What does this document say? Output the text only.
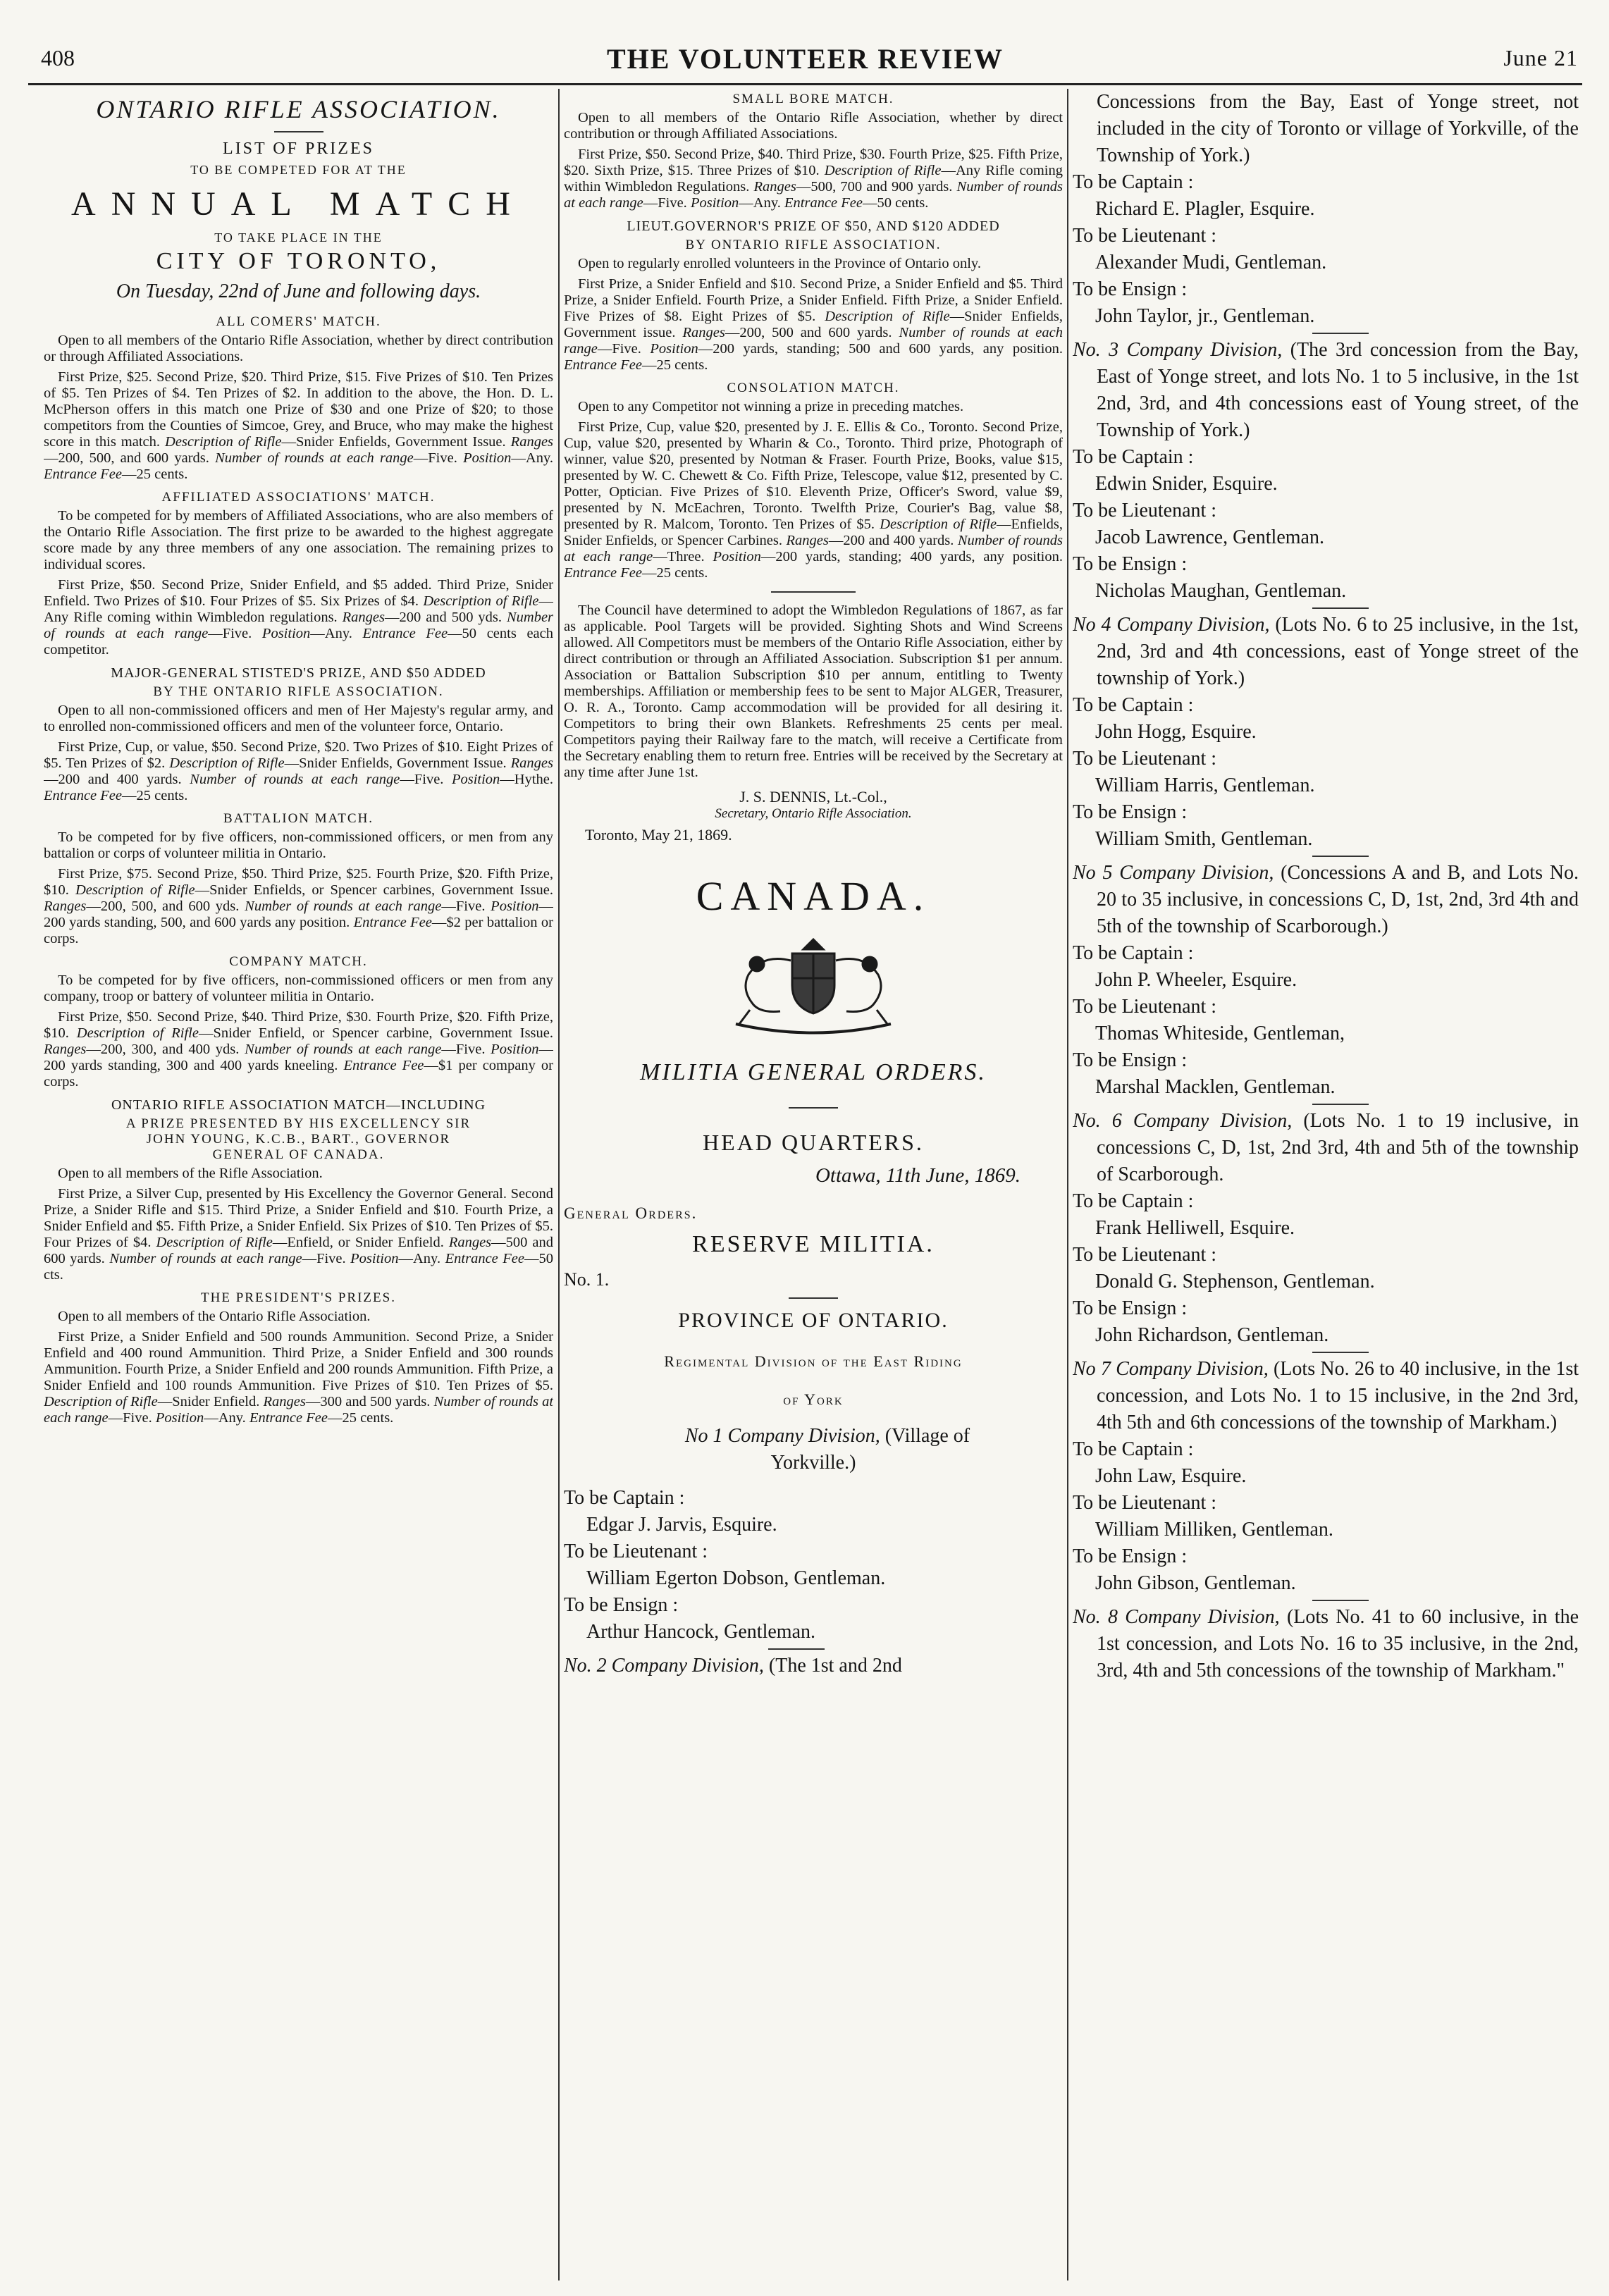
408	THE VOLUNTEER REVIEW	June 21
ONTARIO RIFLE ASSOCIATION.
LIST OF PRIZES
TO BE COMPETED FOR AT THE
ANNUAL MATCH
TO TAKE PLACE IN THE
CITY OF TORONTO,
On Tuesday, 22nd of June and following days.
ALL COMERS' MATCH.
Open to all members of the Ontario Rifle Association, whether by direct contribution or through Affiliated Associations.
First Prize, $25. Second Prize, $20. Third Prize, $15. Five Prizes of $10. Ten Prizes of $5. Ten Prizes of $4. Ten Prizes of $2. In addition to the above, the Hon. D. L. McPherson offers in this match one Prize of $30 and one Prize of $20; to those competitors from the Counties of Simcoe, Grey, and Bruce, who may make the highest score in this match. Description of Rifle—Snider Enfields, Government Issue. Ranges—200, 500, and 600 yards. Number of rounds at each range—Five. Position—Any. Entrance Fee—25 cents.
AFFILIATED ASSOCIATIONS' MATCH.
To be competed for by members of Affiliated Associations, who are also members of the Ontario Rifle Association. The first prize to be awarded to the highest aggregate score made by any three members of any one association. The remaining prizes to individual scores.
First Prize, $50. Second Prize, Snider Enfield, and $5 added. Third Prize, Snider Enfield. Two Prizes of $10. Four Prizes of $5. Six Prizes of $4. Description of Rifle—Any Rifle coming within Wimbledon regulations. Ranges—200 and 500 yds. Number of rounds at each range—Five. Position—Any. Entrance Fee—50 cents each competitor.
MAJOR-GENERAL STISTED'S PRIZE, AND $50 ADDED
BY THE ONTARIO RIFLE ASSOCIATION.
Open to all non-commissioned officers and men of Her Majesty's regular army, and to enrolled non-commissioned officers and men of the volunteer force, Ontario.
First Prize, Cup, or value, $50. Second Prize, $20. Two Prizes of $10. Eight Prizes of $5. Ten Prizes of $2. Description of Rifle—Snider Enfields, Government Issue. Ranges—200 and 400 yards. Number of rounds at each range—Five. Position—Hythe. Entrance Fee—25 cents.
BATTALION MATCH.
To be competed for by five officers, non-commissioned officers, or men from any battalion or corps of volunteer militia in Ontario.
First Prize, $75. Second Prize, $50. Third Prize, $25. Fourth Prize, $20. Fifth Prize, $10. Description of Rifle—Snider Enfields, or Spencer carbines, Government Issue. Ranges—200, 500, and 600 yds. Number of rounds at each range—Five. Position—200 yards standing, 500, and 600 yards any position. Entrance Fee—$2 per battalion or corps.
COMPANY MATCH.
To be competed for by five officers, non-commissioned officers or men from any company, troop or battery of volunteer militia in Ontario.
First Prize, $50. Second Prize, $40. Third Prize, $30. Fourth Prize, $20. Fifth Prize, $10. Description of Rifle—Snider Enfield, or Spencer carbine, Government Issue. Ranges—200, 300, and 400 yds. Number of rounds at each range—Five. Position—200 yards standing, 300 and 400 yards kneeling. Entrance Fee—$1 per company or corps.
ONTARIO RIFLE ASSOCIATION MATCH—INCLUDING
A PRIZE PRESENTED BY HIS EXCELLENCY SIR
JOHN YOUNG, K.C.B., BART., GOVERNOR
GENERAL OF CANADA.
Open to all members of the Rifle Association.
First Prize, a Silver Cup, presented by His Excellency the Governor General. Second Prize, a Snider Rifle and $15. Third Prize, a Snider Enfield and $10. Fourth Prize, a Snider Enfield and $5. Fifth Prize, a Snider Enfield. Six Prizes of $10. Ten Prizes of $5. Four Prizes of $4. Description of Rifle—Enfield, or Snider Enfield. Ranges—500 and 600 yards. Number of rounds at each range—Five. Position—Any. Entrance Fee—50 cts.
THE PRESIDENT'S PRIZES.
Open to all members of the Ontario Rifle Association.
First Prize, a Snider Enfield and 500 rounds Ammunition. Second Prize, a Snider Enfield and 400 round Ammunition. Third Prize, a Snider Enfield and 300 rounds Ammunition. Fourth Prize, a Snider Enfield and 200 rounds Ammunition. Fifth Prize, a Snider Enfield and 100 rounds Ammunition. Five Prizes of $10. Ten Prizes of $5. Description of Rifle—Snider Enfield. Ranges—300 and 500 yards. Number of rounds at each range—Five. Position—Any. Entrance Fee—25 cents.
SMALL BORE MATCH.
Open to all members of the Ontario Rifle Association, whether by direct contribution or through Affiliated Associations.
First Prize, $50. Second Prize, $40. Third Prize, $30. Fourth Prize, $25. Fifth Prize, $20. Sixth Prize, $15. Three Prizes of $10. Description of Rifle—Any Rifle coming within Wimbledon Regulations. Ranges—500, 700 and 900 yards. Number of rounds at each range—Five. Position—Any. Entrance Fee—50 cents.
LIEUT.GOVERNOR'S PRIZE OF $50, AND $120 ADDED
BY ONTARIO RIFLE ASSOCIATION.
Open to regularly enrolled volunteers in the Province of Ontario only.
First Prize, a Snider Enfield and $10. Second Prize, a Snider Enfield and $5. Third Prize, a Snider Enfield. Fourth Prize, a Snider Enfield. Fifth Prize, a Snider Enfield. Five Prizes of $8. Eight Prizes of $5. Description of Rifle—Snider Enfields, Government issue. Ranges—200, 500 and 600 yards. Number of rounds at each range—Five. Position—200 yards, standing; 500 and 600 yards, any position. Entrance Fee—25 cents.
CONSOLATION MATCH.
Open to any Competitor not winning a prize in preceding matches.
First Prize, Cup, value $20, presented by J. E. Ellis & Co., Toronto. Second Prize, Cup, value $20, presented by Wharin & Co., Toronto. Third prize, Photograph of winner, value $20, presented by Notman & Fraser. Fourth Prize, Books, value $15, presented by W. C. Chewett & Co. Fifth Prize, Telescope, value $12, presented by C. Potter, Optician. Five Prizes of $10. Eleventh Prize, Officer's Sword, value $9, presented by N. McEachren, Toronto. Twelfth Prize, Courier's Bag, value $8, presented by R. Malcom, Toronto. Ten Prizes of $5. Description of Rifle—Enfields, Snider Enfields, or Spencer Carbines. Ranges—200 and 400 yards. Number of rounds at each range—Three. Position—200 yards, standing; 400 yards, any position. Entrance Fee—25 cents.
The Council have determined to adopt the Wimbledon Regulations of 1867, as far as applicable. Pool Targets will be provided. Sighting Shots and Wind Screens allowed. All Competitors must be members of the Ontario Rifle Association, either by direct contribution or through an Affiliated Association. Subscription $1 per annum. Association or Battalion Subscription $10 per annum, entitling to Twenty memberships. Affiliation or membership fees to be sent to Major ALGER, Treasurer, O. R. A., Toronto. Camp accommodation will be provided for all desiring it. Competitors to bring their own Blankets. Refreshments 25 cents per meal. Competitors paying their Railway fare to the match, will receive a Certificate from the Secretary enabling them to return free. Entries will be received by the Secretary at any time after June 1st.
J. S. DENNIS, Lt.-Col.,
Secretary, Ontario Rifle Association.
Toronto, May 21, 1869.
CANADA.
MILITIA GENERAL ORDERS.
HEAD QUARTERS.
Ottawa, 11th June, 1869.
General Orders.
RESERVE MILITIA.
No. 1.
PROVINCE OF ONTARIO.
Regimental Division of the East Riding
of York

No 1 Company Division, (Village of

Yorkville.)

To be Captain :

Edgar J. Jarvis, Esquire.

To be Lieutenant :

William Egerton Dobson, Gentleman.

To be Ensign :

Arthur Hancock, Gentleman.

No. 2 Company Division, (The 1st and 2nd

Concessions from the Bay, East of Yonge street, not included in the city of Toronto or village of Yorkville, of the Township of York.)

To be Captain :

Richard E. Plagler, Esquire.

To be Lieutenant :

Alexander Mudi, Gentleman.

To be Ensign :

John Taylor, jr., Gentleman.

No. 3 Company Division, (The 3rd concession from the Bay, East of Yonge street, and lots No. 1 to 5 inclusive, in the 1st 2nd, 3rd, and 4th concessions east of Young street, of the Township of York.)

To be Captain :

Edwin Snider, Esquire.

To be Lieutenant :

Jacob Lawrence, Gentleman.

To be Ensign :

Nicholas Maughan, Gentleman.

No 4 Company Division, (Lots No. 6 to 25 inclusive, in the 1st, 2nd, 3rd and 4th concessions, east of Yonge street of the township of York.)

To be Captain :

John Hogg, Esquire.

To be Lieutenant :

William Harris, Gentleman.

To be Ensign :

William Smith, Gentleman.

No 5 Company Division, (Concessions A and B, and Lots No. 20 to 35 inclusive, in concessions C, D, 1st, 2nd, 3rd 4th and 5th of the township of Scarborough.)

To be Captain :

John P. Wheeler, Esquire.

To be Lieutenant :

Thomas Whiteside, Gentleman,

To be Ensign :

Marshal Macklen, Gentleman.

No. 6 Company Division, (Lots No. 1 to 19 inclusive, in concessions C, D, 1st, 2nd 3rd, 4th and 5th of the township of Scarborough.

To be Captain :

Frank Helliwell, Esquire.

To be Lieutenant :

Donald G. Stephenson, Gentleman.

To be Ensign :

John Richardson, Gentleman.

No 7 Company Division, (Lots No. 26 to 40 inclusive, in the 1st concession, and Lots No. 1 to 15 inclusive, in the 2nd 3rd, 4th 5th and 6th concessions of the township of Markham.)

To be Captain :

John Law, Esquire.

To be Lieutenant :

William Milliken, Gentleman.

To be Ensign :

John Gibson, Gentleman.

No. 8 Company Division, (Lots No. 41 to 60 inclusive, in the 1st concession, and Lots No. 16 to 35 inclusive, in the 2nd, 3rd, 4th and 5th concessions of the township of Markham."
